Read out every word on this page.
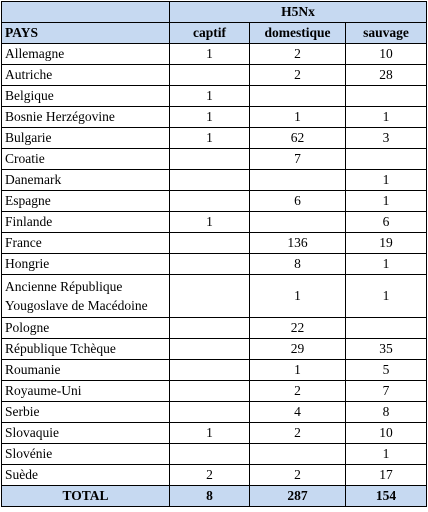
	H5Nx		
PAYS	captif	domestique	sauvage
Allemagne	1	2	10
Autriche		2	28
Belgique	1		
Bosnie Herzégovine	1	1	1
Bulgarie	1	62	3
Croatie		7	
Danemark			1
Espagne		6	1
Finlande	1		6
France		136	19
Hongrie		8	1
Ancienne République Yougoslave de Macédoine		1	1
Pologne		22	
République Tchèque		29	35
Roumanie		1	5
Royaume-Uni		2	7
Serbie		4	8
Slovaquie	1	2	10
Slovénie			1
Suède	2	2	17
TOTAL	8	287	154
